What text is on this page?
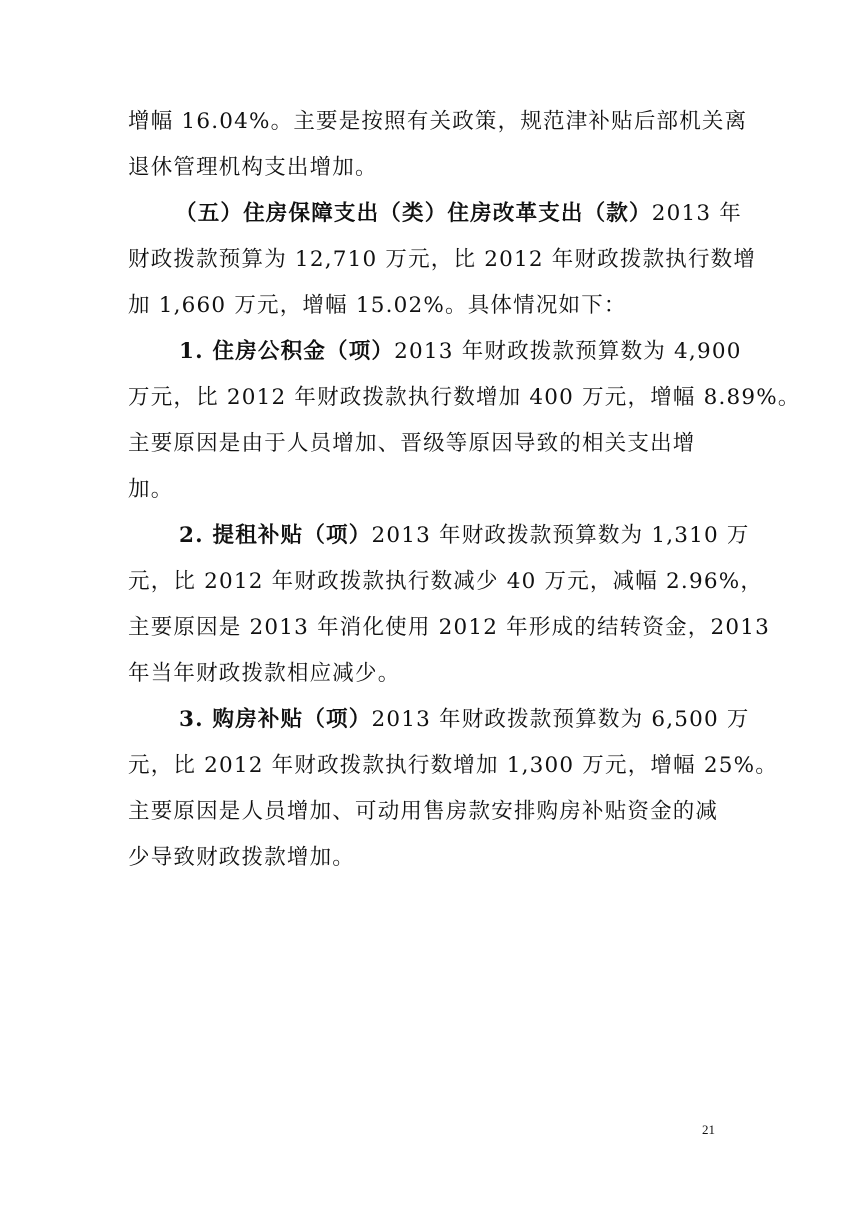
增幅 16.04%。主要是按照有关政策，规范津补贴后部机关离
退休管理机构支出增加。
（五）住房保障支出（类）住房改革支出（款）2013 年
财政拨款预算为 12,710 万元，比 2012 年财政拨款执行数增
加 1,660 万元，增幅 15.02%。具体情况如下：
1. 住房公积金（项）2013 年财政拨款预算数为 4,900
万元，比 2012 年财政拨款执行数增加 400 万元，增幅 8.89%。
主要原因是由于人员增加、晋级等原因导致的相关支出增
加。
2. 提租补贴（项）2013 年财政拨款预算数为 1,310 万
元，比 2012 年财政拨款执行数减少 40 万元，减幅 2.96%，
主要原因是 2013 年消化使用 2012 年形成的结转资金，2013
年当年财政拨款相应减少。
3. 购房补贴（项）2013 年财政拨款预算数为 6,500 万
元，比 2012 年财政拨款执行数增加 1,300 万元，增幅 25%。
主要原因是人员增加、可动用售房款安排购房补贴资金的减
少导致财政拨款增加。
21
